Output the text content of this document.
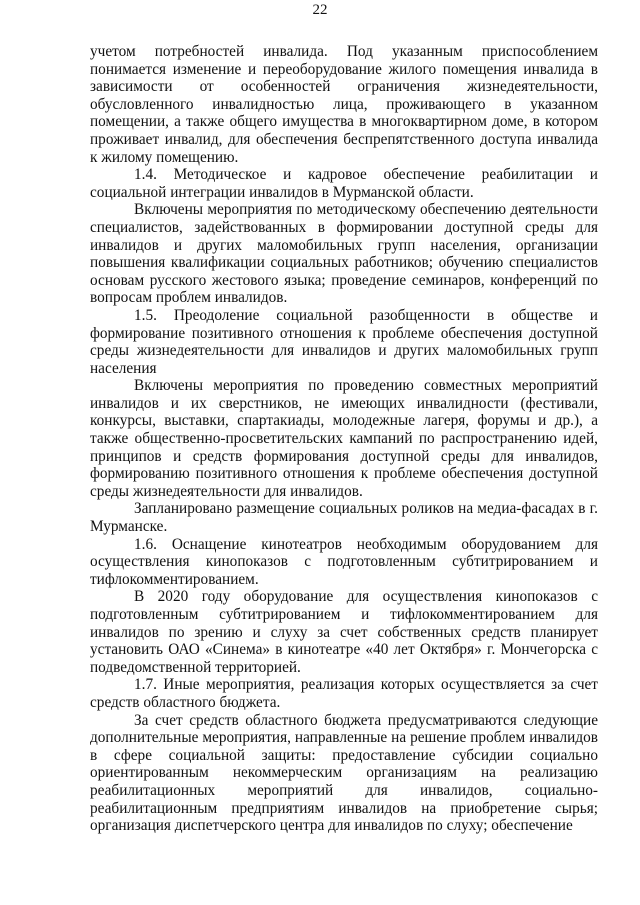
22

учетом потребностей инвалида. Под указанным приспособлением понимается изменение и переоборудование жилого помещения инвалида в зависимости от особенностей ограничения жизнедеятельности, обусловленного инвалидностью лица, проживающего в указанном помещении, а также общего имущества в многоквартирном доме, в котором проживает инвалид, для обеспечения беспрепятственного доступа инвалида к жилому помещению.

1.4. Методическое и кадровое обеспечение реабилитации и социальной интеграции инвалидов в Мурманской области.

Включены мероприятия по методическому обеспечению деятельности специалистов, задействованных в формировании доступной среды для инвалидов и других маломобильных групп населения, организации повышения квалификации социальных работников; обучению специалистов основам русского жестового языка; проведение семинаров, конференций по вопросам проблем инвалидов.

1.5. Преодоление социальной разобщенности в обществе и формирование позитивного отношения к проблеме обеспечения доступной среды жизнедеятельности для инвалидов и других маломобильных групп населения

Включены мероприятия по проведению совместных мероприятий инвалидов и их сверстников, не имеющих инвалидности (фестивали, конкурсы, выставки, спартакиады, молодежные лагеря, форумы и др.), а также общественно-просветительских кампаний по распространению идей, принципов и средств формирования доступной среды для инвалидов, формированию позитивного отношения к проблеме обеспечения доступной среды жизнедеятельности для инвалидов.

Запланировано размещение социальных роликов на медиа-фасадах в г. Мурманске.

1.6. Оснащение кинотеатров необходимым оборудованием для осуществления кинопоказов с подготовленным субтитрированием и тифлокомментированием.

В 2020 году оборудование для осуществления кинопоказов с подготовленным субтитрированием и тифлокомментированием для инвалидов по зрению и слуху за счет собственных средств планирует установить ОАО «Синема» в кинотеатре «40 лет Октября» г. Мончегорска с подведомственной территорией.

1.7. Иные мероприятия, реализация которых осуществляется за счет средств областного бюджета.

За счет средств областного бюджета предусматриваются следующие дополнительные мероприятия, направленные на решение проблем инвалидов в сфере социальной защиты: предоставление субсидии социально ориентированным некоммерческим организациям на реализацию реабилитационных мероприятий для инвалидов, социально-реабилитационным предприятиям инвалидов на приобретение сырья; организация диспетчерского центра для инвалидов по слуху; обеспечение
